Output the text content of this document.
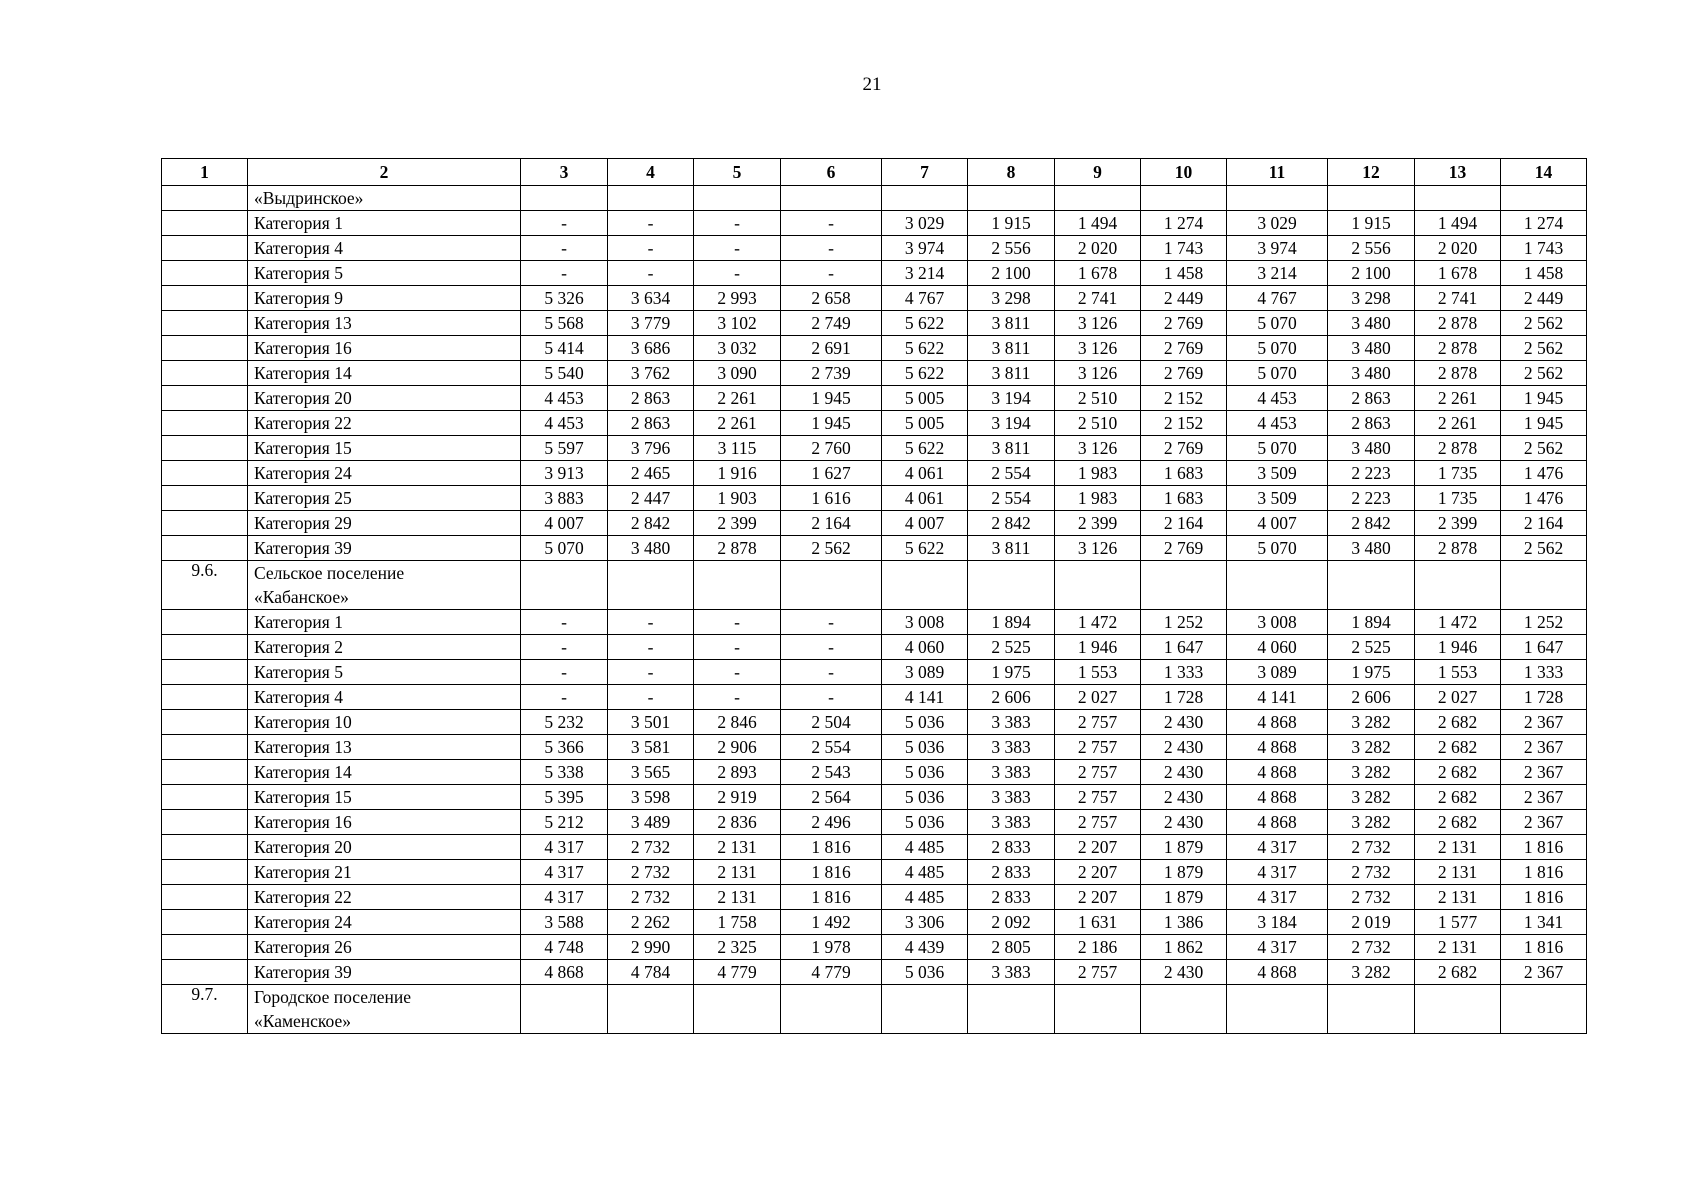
21
1	2	3	4	5	6	7	8	9	10	11	12	13	14
	«Выдринское»												
	Категория 1	-	-	-	-	3 029	1 915	1 494	1 274	3 029	1 915	1 494	1 274
	Категория 4	-	-	-	-	3 974	2 556	2 020	1 743	3 974	2 556	2 020	1 743
	Категория 5	-	-	-	-	3 214	2 100	1 678	1 458	3 214	2 100	1 678	1 458
	Категория 9	5 326	3 634	2 993	2 658	4 767	3 298	2 741	2 449	4 767	3 298	2 741	2 449
	Категория 13	5 568	3 779	3 102	2 749	5 622	3 811	3 126	2 769	5 070	3 480	2 878	2 562
	Категория 16	5 414	3 686	3 032	2 691	5 622	3 811	3 126	2 769	5 070	3 480	2 878	2 562
	Категория 14	5 540	3 762	3 090	2 739	5 622	3 811	3 126	2 769	5 070	3 480	2 878	2 562
	Категория 20	4 453	2 863	2 261	1 945	5 005	3 194	2 510	2 152	4 453	2 863	2 261	1 945
	Категория 22	4 453	2 863	2 261	1 945	5 005	3 194	2 510	2 152	4 453	2 863	2 261	1 945
	Категория 15	5 597	3 796	3 115	2 760	5 622	3 811	3 126	2 769	5 070	3 480	2 878	2 562
	Категория 24	3 913	2 465	1 916	1 627	4 061	2 554	1 983	1 683	3 509	2 223	1 735	1 476
	Категория 25	3 883	2 447	1 903	1 616	4 061	2 554	1 983	1 683	3 509	2 223	1 735	1 476
	Категория 29	4 007	2 842	2 399	2 164	4 007	2 842	2 399	2 164	4 007	2 842	2 399	2 164
	Категория 39	5 070	3 480	2 878	2 562	5 622	3 811	3 126	2 769	5 070	3 480	2 878	2 562
9.6.	Сельское поселение
«Кабанское»												
	Категория 1	-	-	-	-	3 008	1 894	1 472	1 252	3 008	1 894	1 472	1 252
	Категория 2	-	-	-	-	4 060	2 525	1 946	1 647	4 060	2 525	1 946	1 647
	Категория 5	-	-	-	-	3 089	1 975	1 553	1 333	3 089	1 975	1 553	1 333
	Категория 4	-	-	-	-	4 141	2 606	2 027	1 728	4 141	2 606	2 027	1 728
	Категория 10	5 232	3 501	2 846	2 504	5 036	3 383	2 757	2 430	4 868	3 282	2 682	2 367
	Категория 13	5 366	3 581	2 906	2 554	5 036	3 383	2 757	2 430	4 868	3 282	2 682	2 367
	Категория 14	5 338	3 565	2 893	2 543	5 036	3 383	2 757	2 430	4 868	3 282	2 682	2 367
	Категория 15	5 395	3 598	2 919	2 564	5 036	3 383	2 757	2 430	4 868	3 282	2 682	2 367
	Категория 16	5 212	3 489	2 836	2 496	5 036	3 383	2 757	2 430	4 868	3 282	2 682	2 367
	Категория 20	4 317	2 732	2 131	1 816	4 485	2 833	2 207	1 879	4 317	2 732	2 131	1 816
	Категория 21	4 317	2 732	2 131	1 816	4 485	2 833	2 207	1 879	4 317	2 732	2 131	1 816
	Категория 22	4 317	2 732	2 131	1 816	4 485	2 833	2 207	1 879	4 317	2 732	2 131	1 816
	Категория 24	3 588	2 262	1 758	1 492	3 306	2 092	1 631	1 386	3 184	2 019	1 577	1 341
	Категория 26	4 748	2 990	2 325	1 978	4 439	2 805	2 186	1 862	4 317	2 732	2 131	1 816
	Категория 39	4 868	4 784	4 779	4 779	5 036	3 383	2 757	2 430	4 868	3 282	2 682	2 367
9.7.	Городское поселение
«Каменское»												
